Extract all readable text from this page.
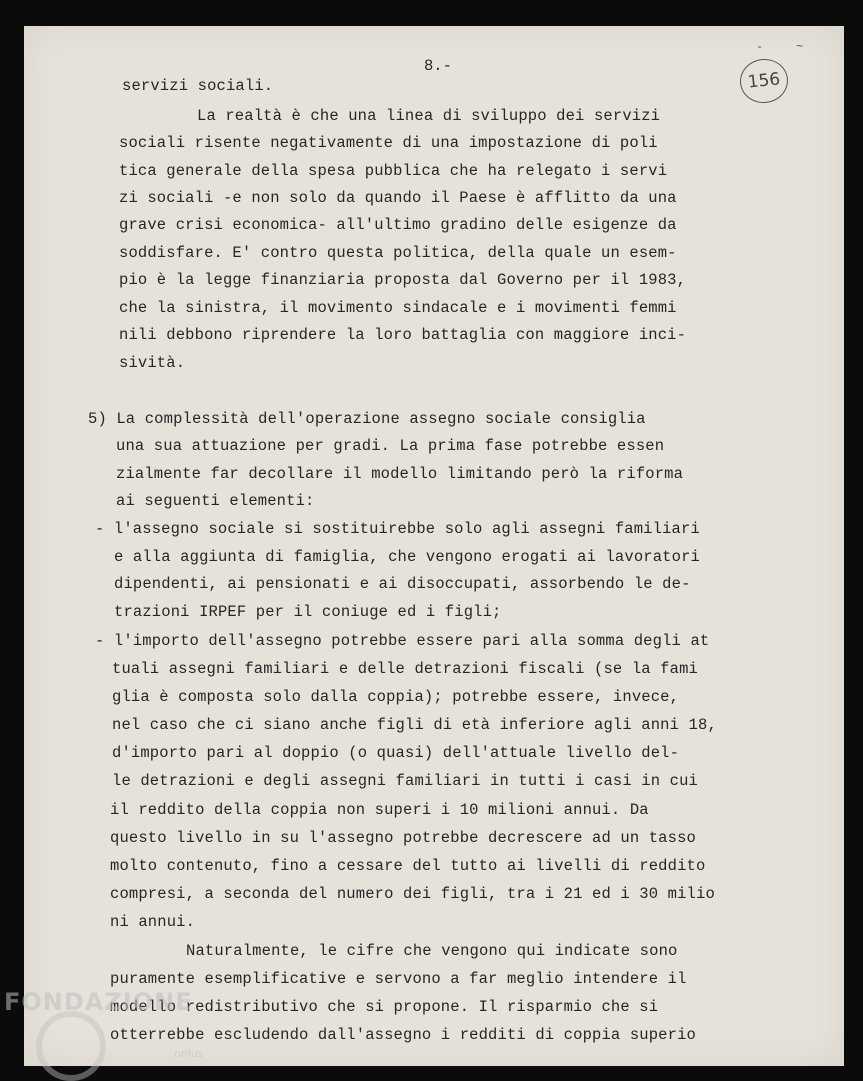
8.-
156
-	~
servizi sociali.
La realtà è che una linea di sviluppo dei servizi
sociali risente negativamente di una impostazione di poli
tica generale della spesa pubblica che ha relegato i servi
zi sociali -e non solo da quando il Paese è afflitto da una
grave crisi economica- all'ultimo gradino delle esigenze da
soddisfare. E' contro questa politica, della quale un esem-
pio è la legge finanziaria proposta dal Governo per il 1983,
che la sinistra, il movimento sindacale e i movimenti femmi
nili debbono riprendere la loro battaglia con maggiore inci-
sività.
5) La complessità dell'operazione assegno sociale consiglia
una sua attuazione per gradi. La prima fase potrebbe essen
zialmente far decollare il modello limitando però la riforma
ai seguenti elementi:
- l'assegno sociale si sostituirebbe solo agli assegni familiari
e alla aggiunta di famiglia, che vengono erogati ai lavoratori
dipendenti, ai pensionati e ai disoccupati, assorbendo le de-
trazioni IRPEF per il coniuge ed i figli;
- l'importo dell'assegno potrebbe essere pari alla somma degli at
tuali assegni familiari e delle detrazioni fiscali (se la fami
glia è composta solo dalla coppia); potrebbe essere, invece,
nel caso che ci siano anche figli di età inferiore agli anni 18,
d'importo pari al doppio (o quasi) dell'attuale livello del-
le detrazioni e degli assegni familiari in tutti i casi in cui
il reddito della coppia non superi i 10 milioni annui. Da
questo livello in su l'assegno potrebbe decrescere ad un tasso
molto contenuto, fino a cessare del tutto ai livelli di reddito
compresi, a seconda del numero dei figli, tra i 21 ed i 30 milio
ni annui.
Naturalmente, le cifre che vengono qui indicate sono
puramente esemplificative e servono a far meglio intendere il
modello redistributivo che si propone. Il risparmio che si
otterrebbe escludendo dall'assegno i redditi di coppia superio
FONDAZIONE
onlus
